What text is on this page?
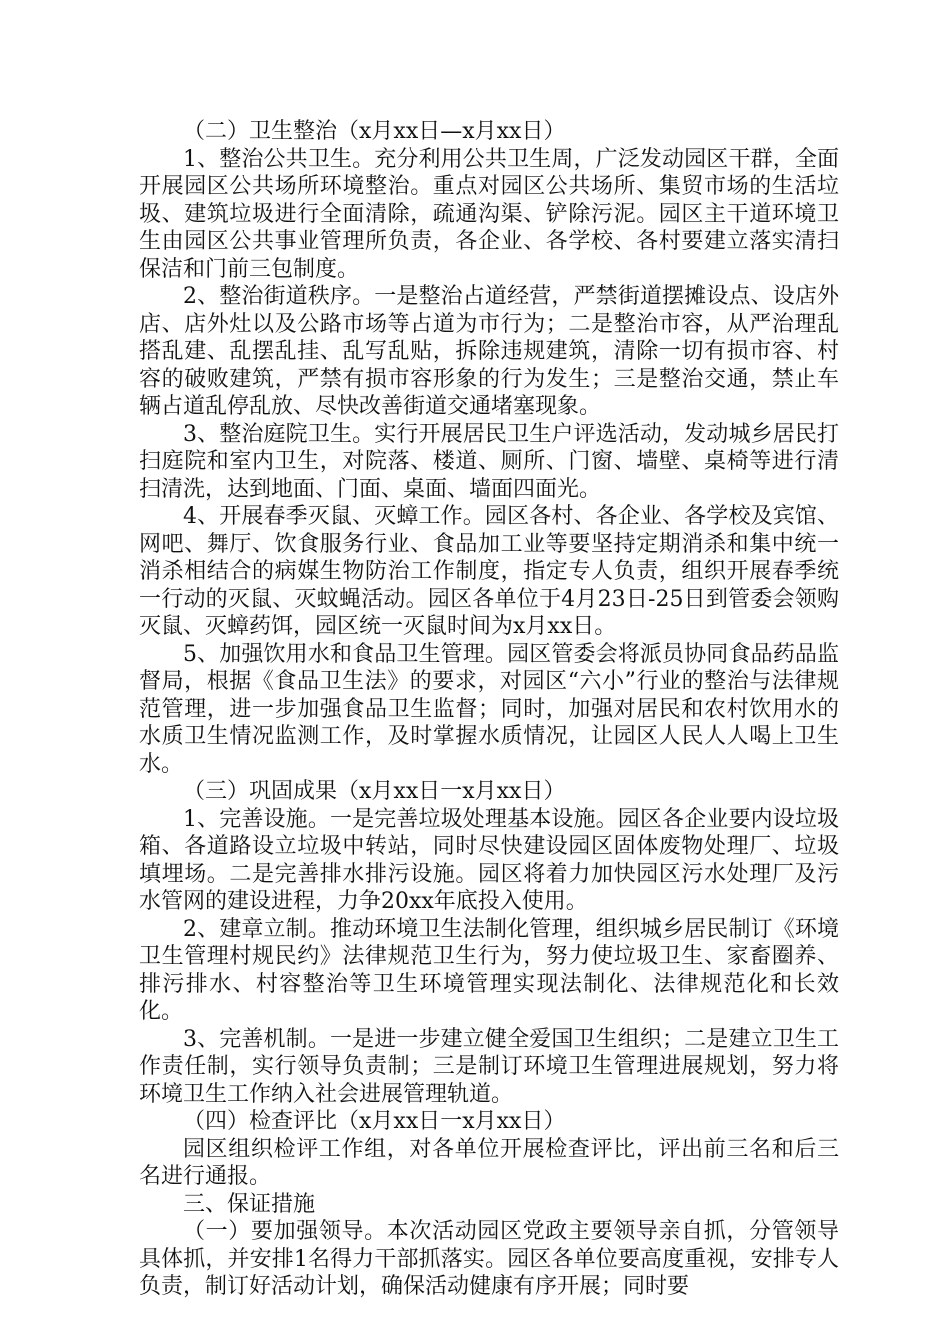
（二）卫生整治（x月xx日—x月xx日）

1、整治公共卫生。充分利用公共卫生周，广泛发动园区干群，全面开展园区公共场所环境整治。重点对园区公共场所、集贸市场的生活垃圾、建筑垃圾进行全面清除，疏通沟渠、铲除污泥。园区主干道环境卫生由园区公共事业管理所负责，各企业、各学校、各村要建立落实清扫保洁和门前三包制度。

2、整治街道秩序。一是整治占道经营，严禁街道摆摊设点、设店外店、店外灶以及公路市场等占道为市行为；二是整治市容，从严治理乱搭乱建、乱摆乱挂、乱写乱贴，拆除违规建筑，清除一切有损市容、村容的破败建筑，严禁有损市容形象的行为发生；三是整治交通，禁止车辆占道乱停乱放、尽快改善街道交通堵塞现象。

3、整治庭院卫生。实行开展居民卫生户评选活动，发动城乡居民打扫庭院和室内卫生，对院落、楼道、厕所、门窗、墙壁、桌椅等进行清扫清洗，达到地面、门面、桌面、墙面四面光。

4、开展春季灭鼠、灭蟑工作。园区各村、各企业、各学校及宾馆、网吧、舞厅、饮食服务行业、食品加工业等要坚持定期消杀和集中统一消杀相结合的病媒生物防治工作制度，指定专人负责，组织开展春季统一行动的灭鼠、灭蚊蝇活动。园区各单位于4月23日-25日到管委会领购灭鼠、灭蟑药饵，园区统一灭鼠时间为x月xx日。

5、加强饮用水和食品卫生管理。园区管委会将派员协同食品药品监督局，根据《食品卫生法》的要求，对园区“六小”行业的整治与法律规范管理，进一步加强食品卫生监督；同时，加强对居民和农村饮用水的水质卫生情况监测工作，及时掌握水质情况，让园区人民人人喝上卫生水。

（三）巩固成果（x月xx日一x月xx日）

1、完善设施。一是完善垃圾处理基本设施。园区各企业要内设垃圾箱、各道路设立垃圾中转站，同时尽快建设园区固体废物处理厂、垃圾填埋场。二是完善排水排污设施。园区将着力加快园区污水处理厂及污水管网的建设进程，力争20xx年底投入使用。

2、建章立制。推动环境卫生法制化管理，组织城乡居民制订《环境卫生管理村规民约》法律规范卫生行为，努力使垃圾卫生、家畜圈养、排污排水、村容整治等卫生环境管理实现法制化、法律规范化和长效化。

3、完善机制。一是进一步建立健全爱国卫生组织；二是建立卫生工作责任制，实行领导负责制；三是制订环境卫生管理进展规划，努力将环境卫生工作纳入社会进展管理轨道。

（四）检查评比（x月xx日一x月xx日）

园区组织检评工作组，对各单位开展检查评比，评出前三名和后三名进行通报。

三、保证措施

（一）要加强领导。本次活动园区党政主要领导亲自抓，分管领导具体抓，并安排1名得力干部抓落实。园区各单位要高度重视，安排专人负责，制订好活动计划，确保活动健康有序开展；同时要
